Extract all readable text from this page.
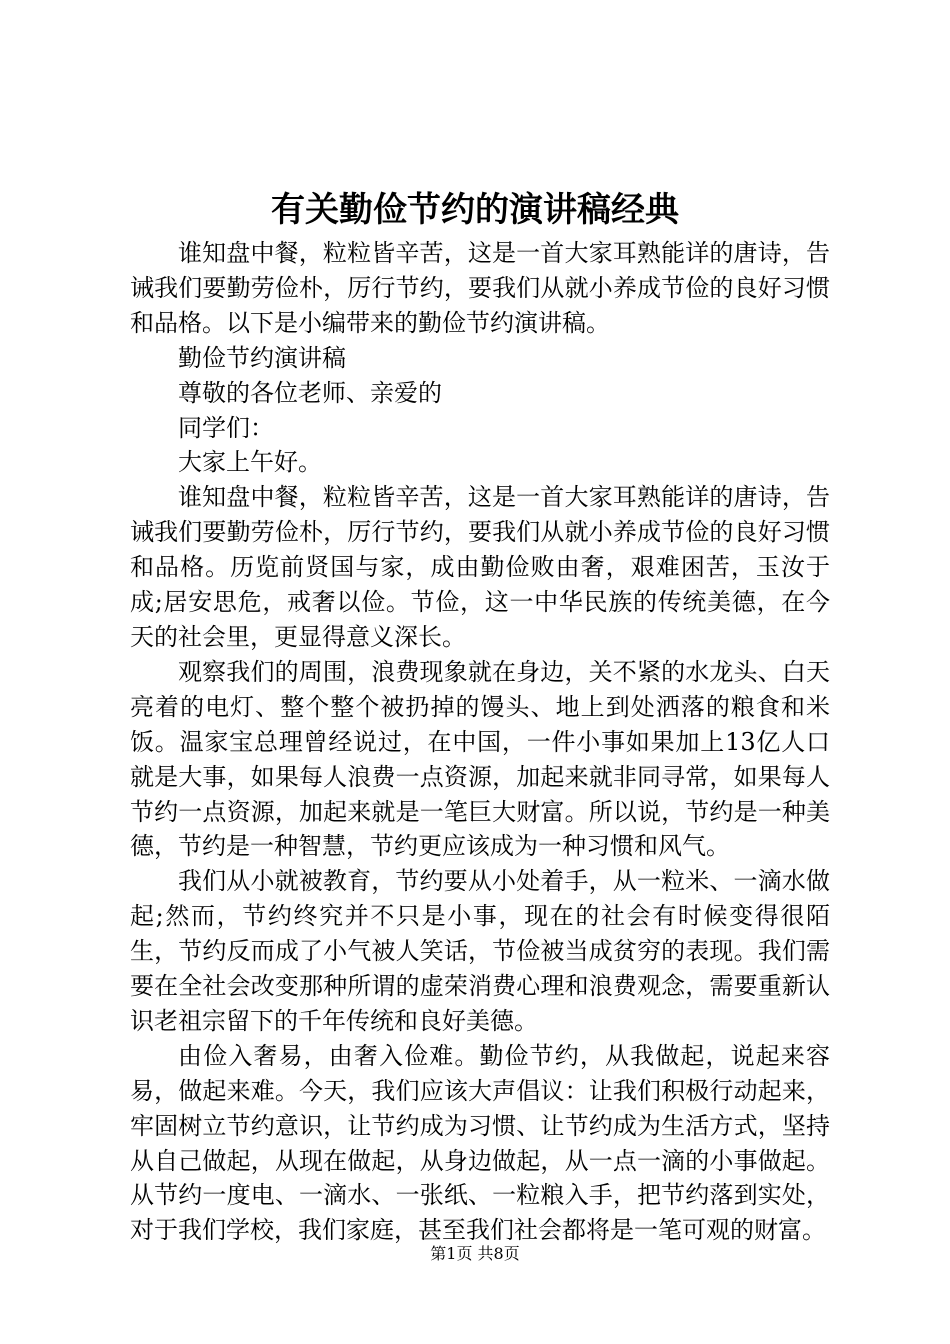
有关勤俭节约的演讲稿经典

谁知盘中餐，粒粒皆辛苦，这是一首大家耳熟能详的唐诗，告诫我们要勤劳俭朴，厉行节约，要我们从就小养成节俭的良好习惯和品格。以下是小编带来的勤俭节约演讲稿。

勤俭节约演讲稿

尊敬的各位老师、亲爱的

同学们：

大家上午好。

谁知盘中餐，粒粒皆辛苦，这是一首大家耳熟能详的唐诗，告诫我们要勤劳俭朴，厉行节约，要我们从就小养成节俭的良好习惯和品格。历览前贤国与家，成由勤俭败由奢，艰难困苦，玉汝于成;居安思危，戒奢以俭。节俭，这一中华民族的传统美德，在今天的社会里，更显得意义深长。

观察我们的周围，浪费现象就在身边，关不紧的水龙头、白天亮着的电灯、整个整个被扔掉的馒头、地上到处洒落的粮食和米饭。温家宝总理曾经说过，在中国，一件小事如果加上13亿人口就是大事，如果每人浪费一点资源，加起来就非同寻常，如果每人节约一点资源，加起来就是一笔巨大财富。所以说，节约是一种美德，节约是一种智慧，节约更应该成为一种习惯和风气。

我们从小就被教育，节约要从小处着手，从一粒米、一滴水做起;然而，节约终究并不只是小事，现在的社会有时候变得很陌生，节约反而成了小气被人笑话，节俭被当成贫穷的表现。我们需要在全社会改变那种所谓的虚荣消费心理和浪费观念，需要重新认识老祖宗留下的千年传统和良好美德。

由俭入奢易，由奢入俭难。勤俭节约，从我做起，说起来容易，做起来难。今天，我们应该大声倡议：让我们积极行动起来，牢固树立节约意识，让节约成为习惯、让节约成为生活方式，坚持从自己做起，从现在做起，从身边做起，从一点一滴的小事做起。从节约一度电、一滴水、一张纸、一粒粮入手，把节约落到实处，对于我们学校，我们家庭，甚至我们社会都将是一笔可观的财富。

第1页 共8页
